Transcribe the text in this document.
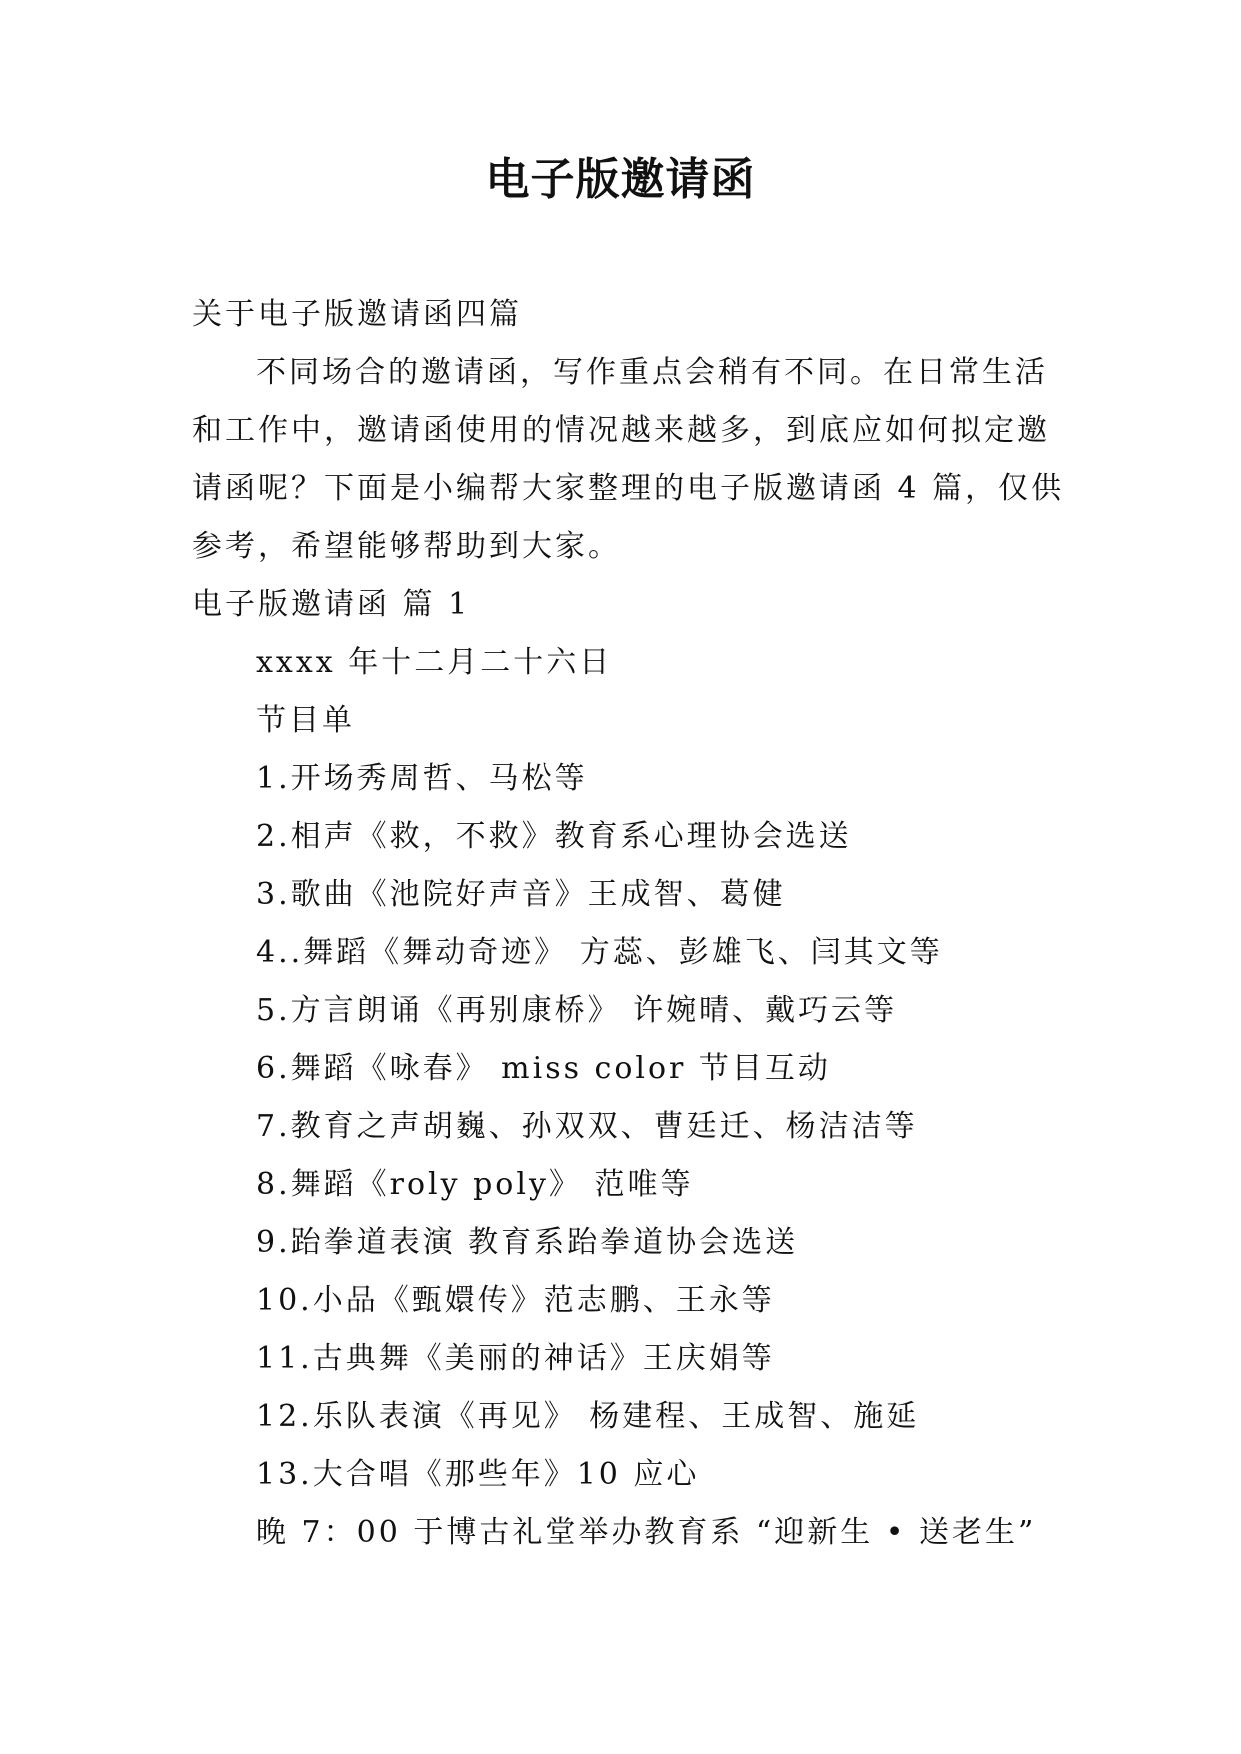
电子版邀请函
关于电子版邀请函四篇
不同场合的邀请函，写作重点会稍有不同。在日常生活
和工作中，邀请函使用的情况越来越多，到底应如何拟定邀
请函呢？下面是小编帮大家整理的电子版邀请函 4 篇，仅供
参考，希望能够帮助到大家。
电子版邀请函 篇 1
xxxx 年十二月二十六日
节目单
1.开场秀周哲、马松等
2.相声《救，不救》教育系心理协会选送
3.歌曲《池院好声音》王成智、葛健
4..舞蹈《舞动奇迹》 方蕊、彭雄飞、闫其文等
5.方言朗诵《再别康桥》 许婉晴、戴巧云等
6.舞蹈《咏春》 miss color 节目互动
7.教育之声胡巍、孙双双、曹廷迁、杨洁洁等
8.舞蹈《roly poly》 范唯等
9.跆拳道表演 教育系跆拳道协会选送
10.小品《甄嬛传》范志鹏、王永等
11.古典舞《美丽的神话》王庆娟等
12.乐队表演《再见》 杨建程、王成智、施延
13.大合唱《那些年》10 应心
晚 7：00 于博古礼堂举办教育系 “迎新生 • 送老生”
